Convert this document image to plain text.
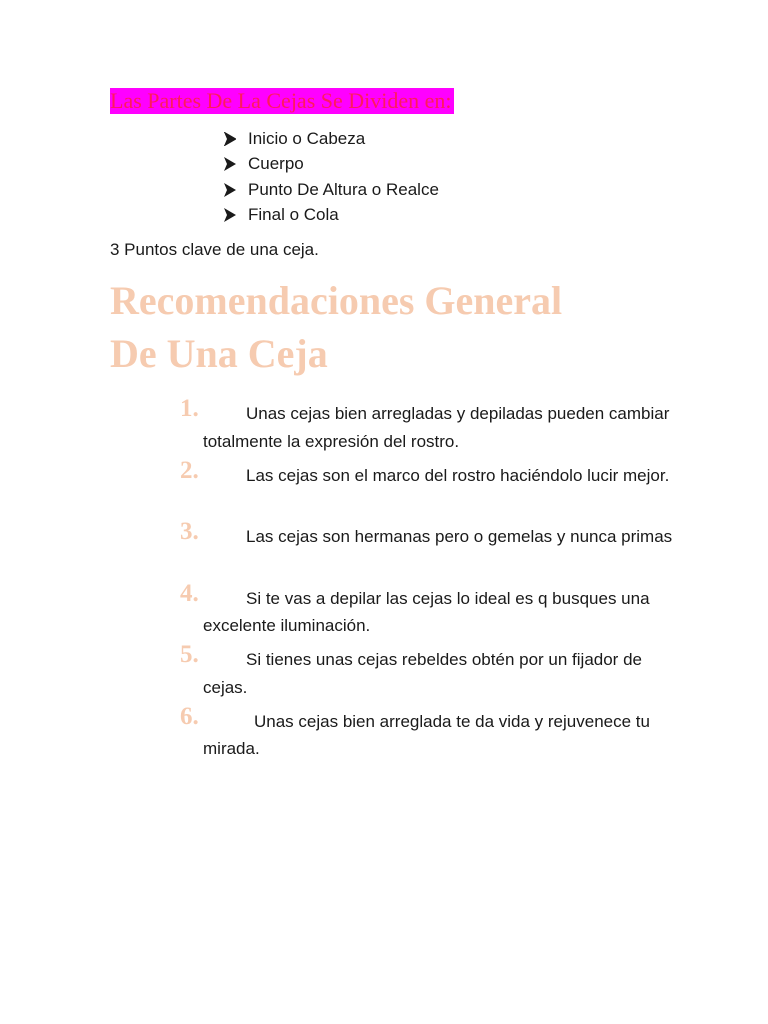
Las Partes De La Cejas Se Dividen en:
Inicio o Cabeza
Cuerpo
Punto De Altura o Realce
Final o Cola
3 Puntos clave de una ceja.
Recomendaciones General
De Una Ceja
1.	Unas cejas bien arregladas y depiladas pueden cambiar totalmente la expresión del rostro.
2.	Las cejas son el marco del rostro haciéndolo lucir mejor.
3.	Las cejas son hermanas pero o gemelas y nunca primas
4.	Si te vas a depilar las cejas lo ideal es q busques una excelente iluminación.
5.	Si tienes unas cejas rebeldes obtén por un fijador de cejas.
6.	Unas cejas bien arreglada te da vida y rejuvenece tu mirada.
